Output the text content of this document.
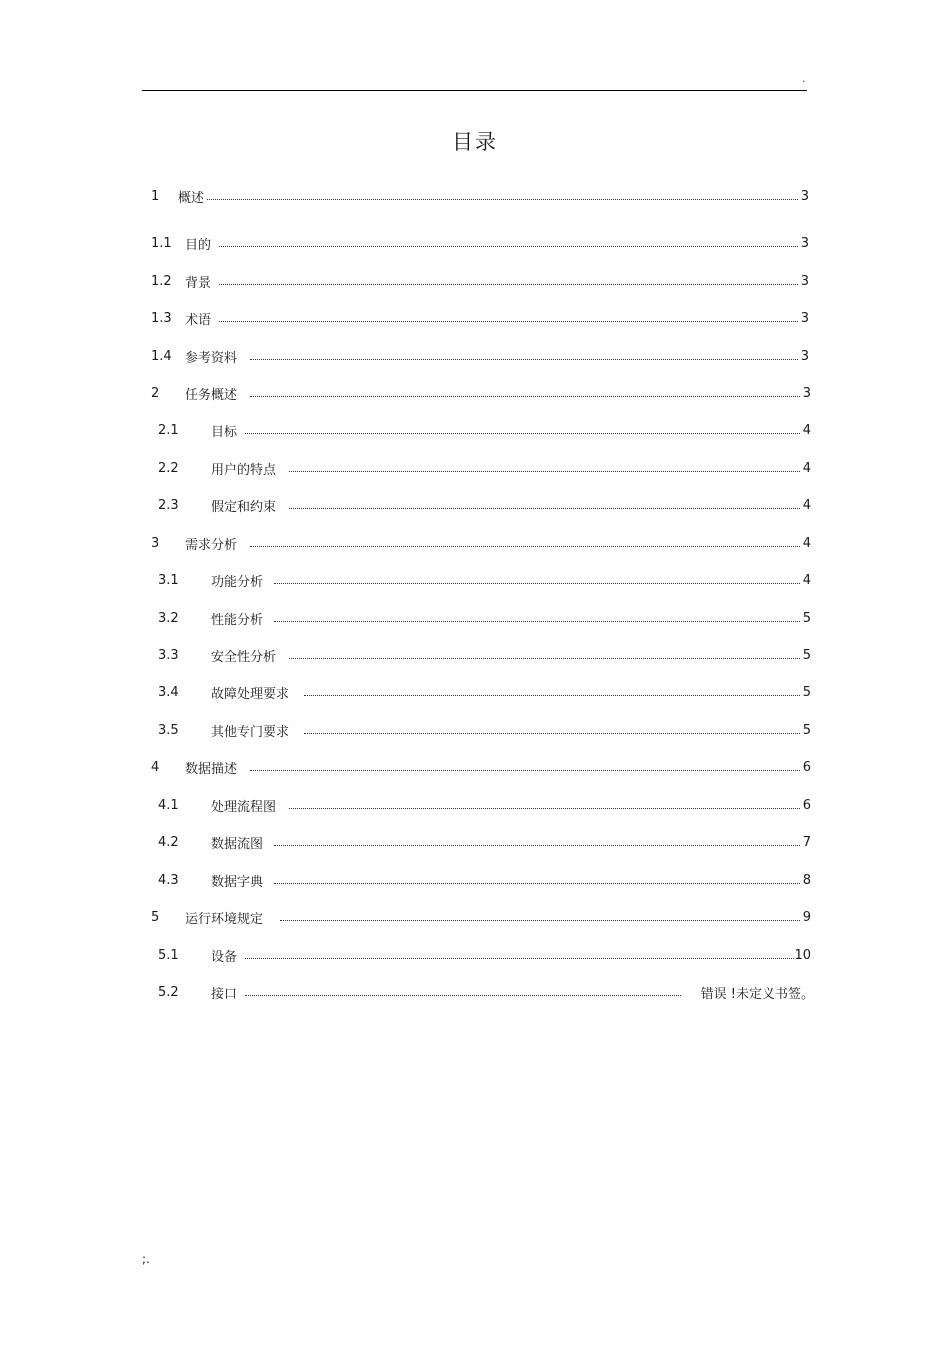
.
目录
1	概述	3
1.1	目的	3
1.2	背景	3
1.3	术语	3
1.4	参考资料	3
2	任务概述	3
2.1	目标	4
2.2	用户的特点	4
2.3	假定和约束	4
3	需求分析	4
3.1	功能分析	4
3.2	性能分析	5
3.3	安全性分析	5
3.4	故障处理要求	5
3.5	其他专门要求	5
4	数据描述	6
4.1	处理流程图	6
4.2	数据流图	7
4.3	数据字典	8
5	运行环境规定	9
5.1	设备	10
5.2	接口	错误 !未定义书签。
;.
